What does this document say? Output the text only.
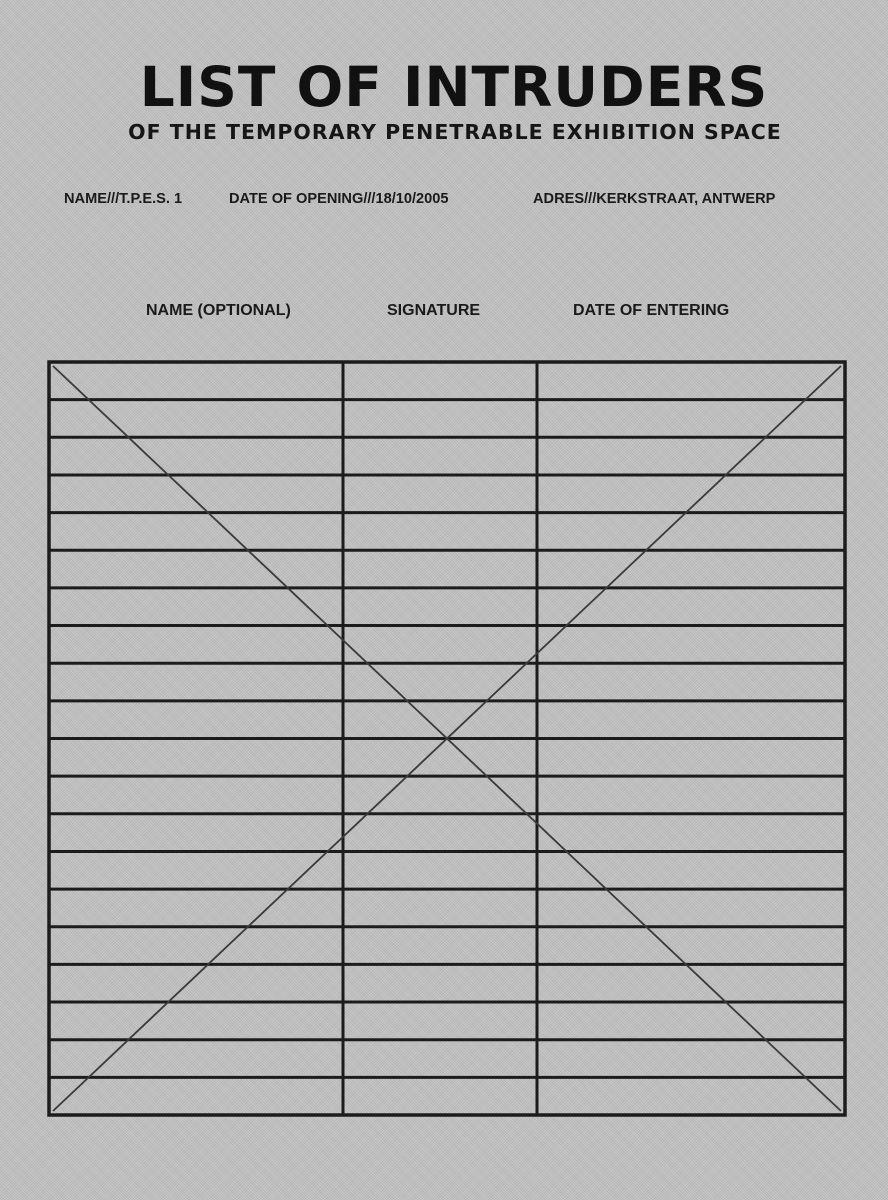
LIST OF INTRUDERS
OF THE TEMPORARY PENETRABLE EXHIBITION SPACE
NAME///T.P.E.S. 1	DATE OF OPENING///18/10/2005	ADRES///KERKSTRAAT, ANTWERP
NAME (OPTIONAL)	SIGNATURE	DATE OF ENTERING
